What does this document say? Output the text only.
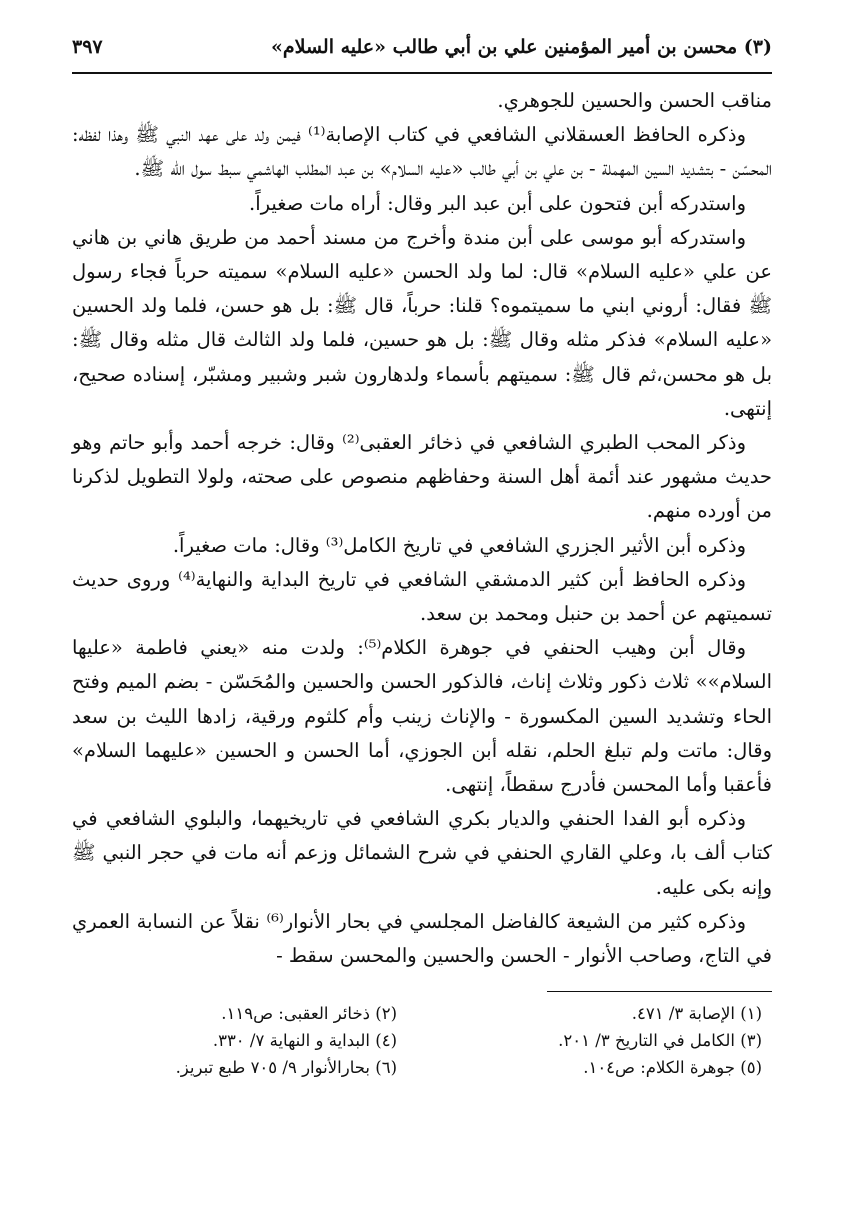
(٣) محسن بن أمير المؤمنين علي بن أبي طالب «عليه السلام»
٣٩٧

مناقب الحسن والحسين للجوهري.

وذكره الحافظ العسقلاني الشافعي في كتاب الإصابة⁽¹⁾ فيمن ولد على عهد النبي ﷺ وهذا لفظه: المحسّن - بتشديد السين المهملة - بن علي بن أبي طالب «عليه السلام» بن عبد المطلب الهاشمي سبط سول الله ﷺ.

واستدركه أبن فتحون على أبن عبد البر وقال: أراه مات صغيراً.

واستدركه أبو موسى على أبن مندة وأخرج من مسند أحمد من طريق هاني بن هاني عن علي «عليه السلام» قال: لما ولد الحسن «عليه السلام» سميته حرباً فجاء رسول ﷺ فقال: أروني ابني ما سميتموه؟ قلنا: حرباً، قال ﷺ: بل هو حسن، فلما ولد الحسين «عليه السلام» فذكر مثله وقال ﷺ: بل هو حسين، فلما ولد الثالث قال مثله وقال ﷺ: بل هو محسن،ثم قال ﷺ: سميتهم بأسماء ولدهارون شبر وشبير ومشبّر، إسناده صحيح، إنتهى.

وذكر المحب الطبري الشافعي في ذخائر العقبى⁽²⁾ وقال: خرجه أحمد وأبو حاتم وهو حديث مشهور عند أئمة أهل السنة وحفاظهم منصوص على صحته، ولولا التطويل لذكرنا من أورده منهم.

وذكره أبن الأثير الجزري الشافعي في تاريخ الكامل⁽³⁾ وقال: مات صغيراً.

وذكره الحافظ أبن كثير الدمشقي الشافعي في تاريخ البداية والنهاية⁽⁴⁾ وروى حديث تسميتهم عن أحمد بن حنبل ومحمد بن سعد.

وقال أبن وهيب الحنفي في جوهرة الكلام⁽⁵⁾: ولدت منه «يعني فاطمة «عليها السلام»» ثلاث ذكور وثلاث إناث، فالذكور الحسن والحسين والمُحَسّن - بضم الميم وفتح الحاء وتشديد السين المكسورة - والإناث زينب وأم كلثوم ورقية، زادها الليث بن سعد وقال: ماتت ولم تبلغ الحلم، نقله أبن الجوزي، أما الحسن و الحسين «عليهما السلام» فأعقبا وأما المحسن فأدرج سقطاً، إنتهى.

وذكره أبو الفدا الحنفي والديار بكري الشافعي في تاريخيهما، والبلوي الشافعي في كتاب ألف با، وعلي القاري الحنفي في شرح الشمائل وزعم أنه مات في حجر النبي ﷺ وإنه بكى عليه.

وذكره كثير من الشيعة كالفاضل المجلسي في بحار الأنوار⁽⁶⁾ نقلاً عن النسابة العمري في التاج، وصاحب الأنوار - الحسن والحسين والمحسن سقط -

(١) الإصابة ٣/ ٤٧١.
(٢) ذخائر العقبى: ص١١٩.
(٣) الكامل في التاريخ ٣/ ٢٠١.
(٤) البداية و النهاية ٧/ ٣٣٠.
(٥) جوهرة الكلام: ص١٠٤.
(٦) بحارالأنوار ٩/ ٧٠٥ طبع تبريز.
